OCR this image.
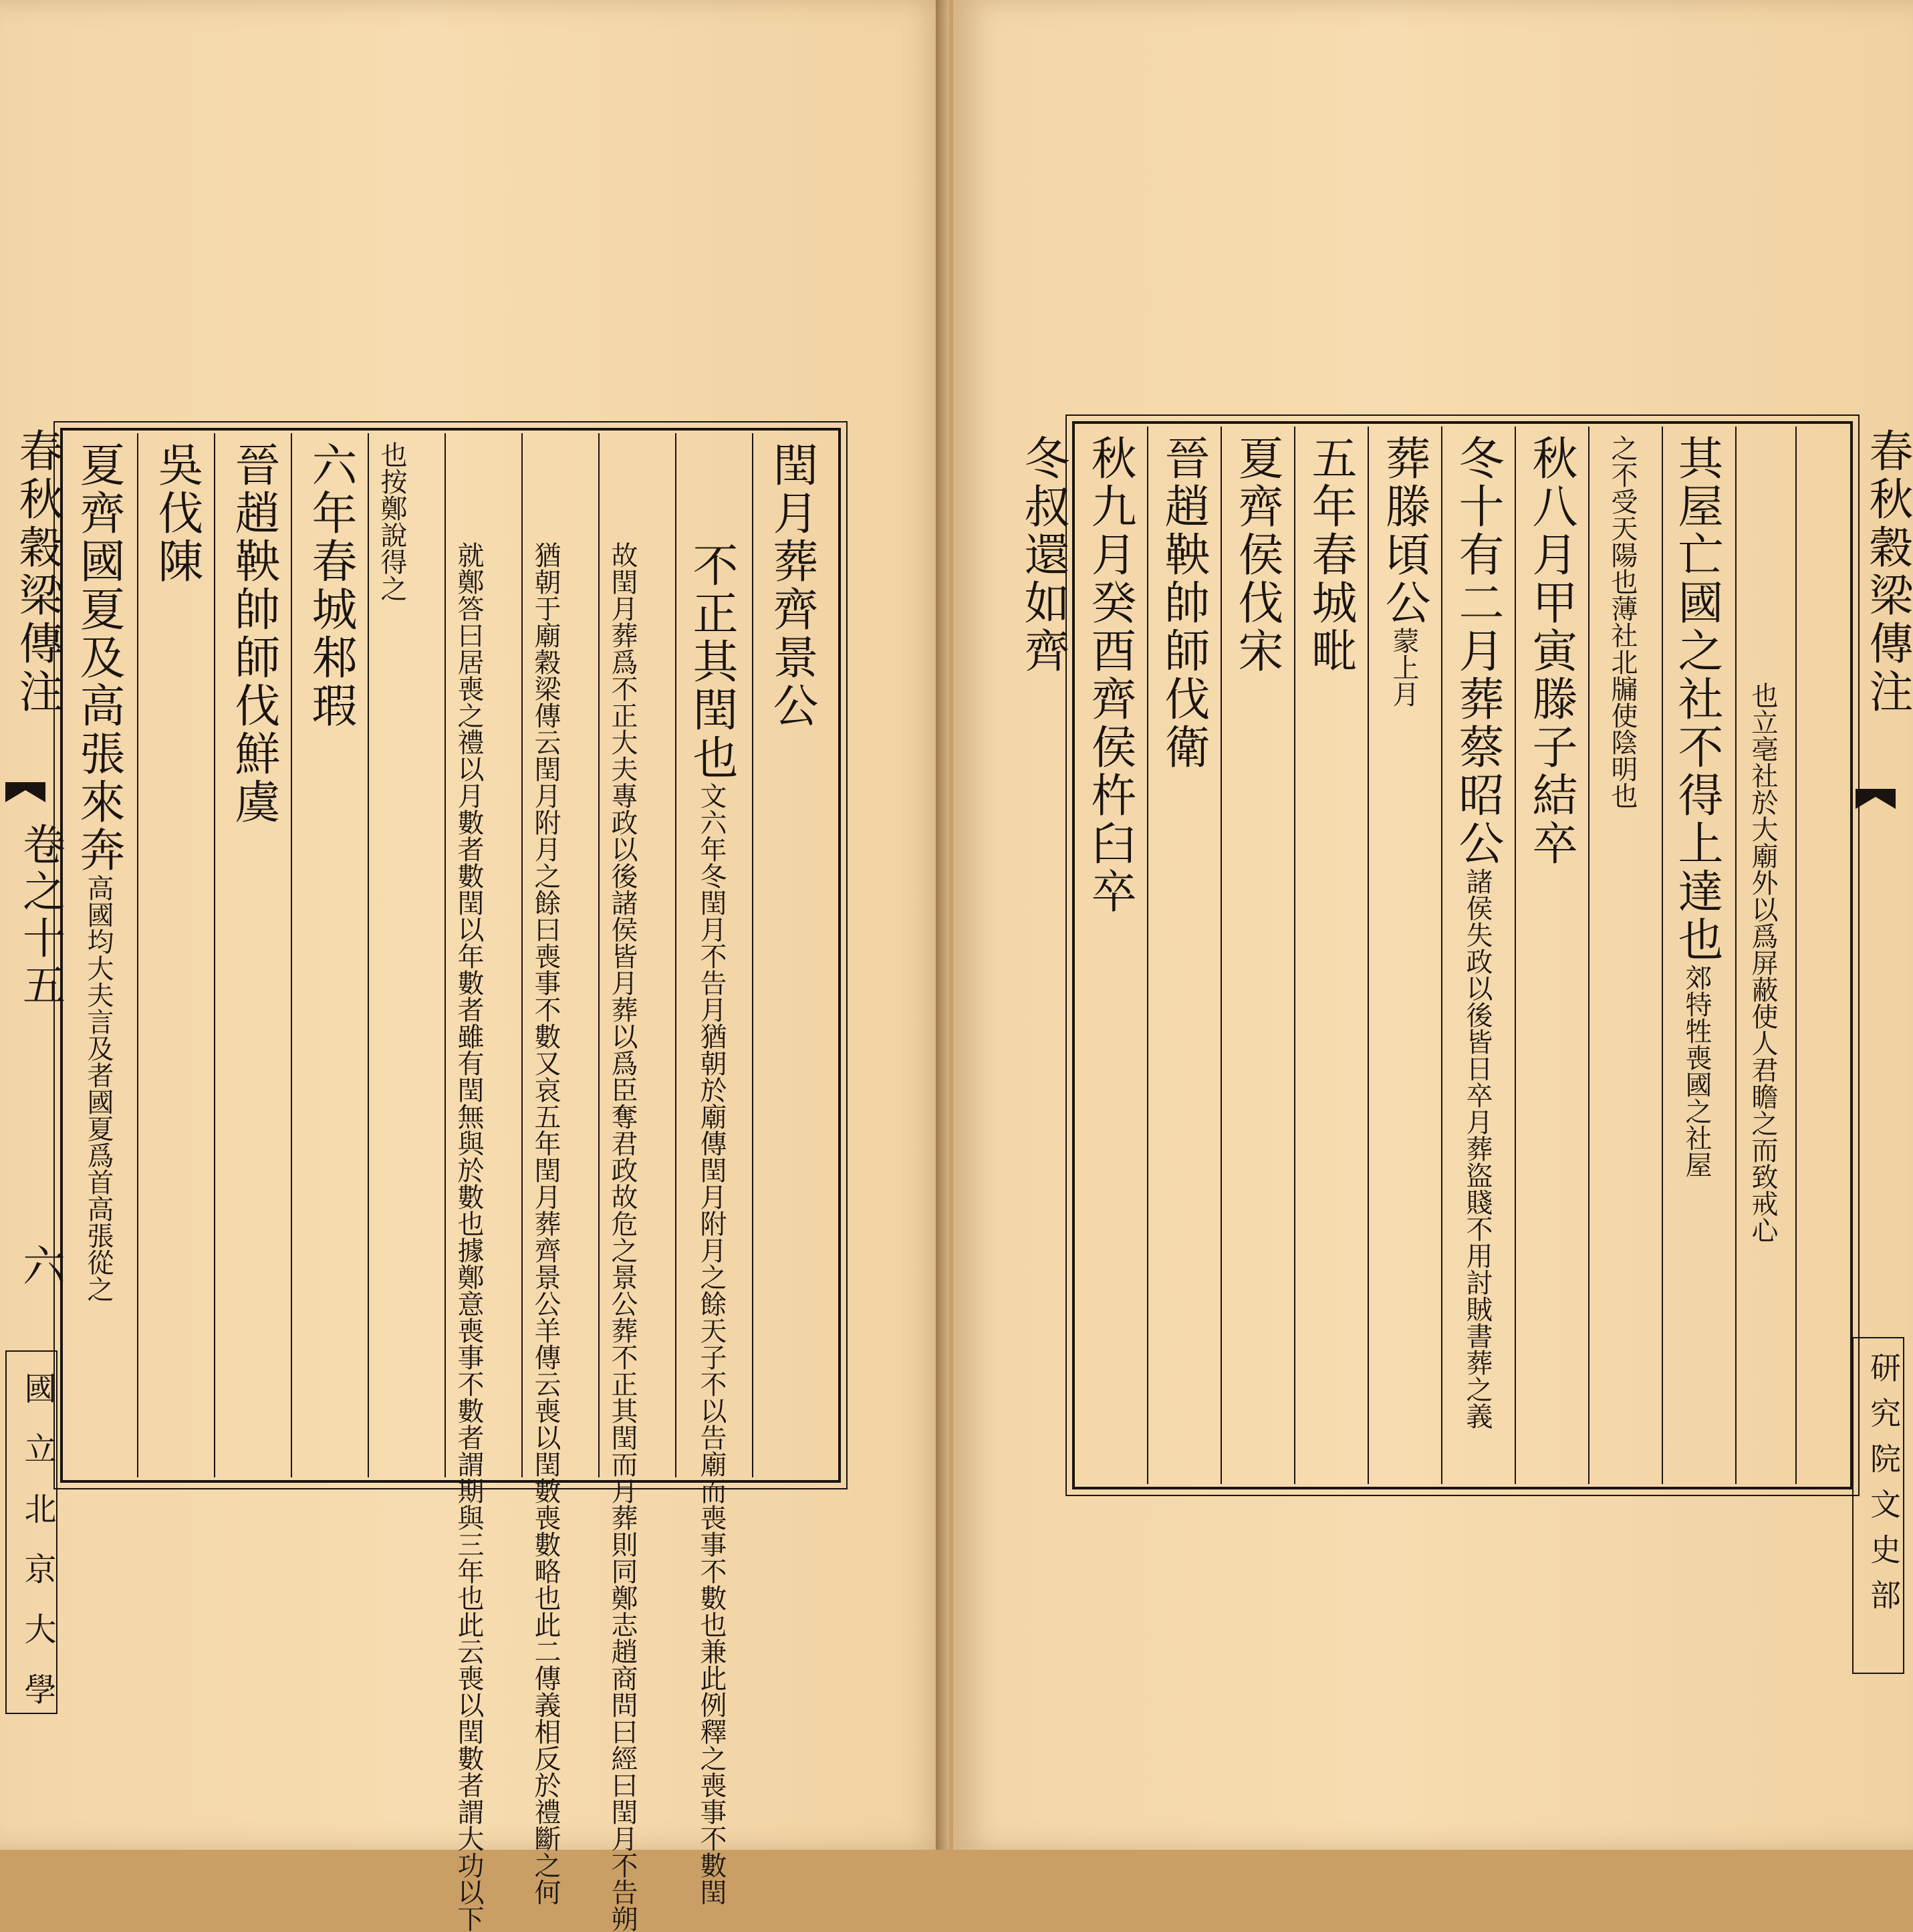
春秋穀梁傳注
卷之十五
六
國立北京大學
閏月葬齊景公
不正其閏也文六年冬閏月不告月猶朝於廟傳閏月附月之餘天子不以告廟而喪事不數也兼此例釋之喪事不數閏
故閏月葬爲不正大夫專政以後諸侯皆月葬以爲臣奪君政故危之景公葬不正其閏而月葬則同鄭志趙商問曰經曰閏月不告朔
猶朝于廟穀梁傳云閏月附月之餘曰喪事不數又哀五年閏月葬齊景公羊傳云喪以閏數喪數略也此二傳義相反於禮斷之何
就鄭答曰居喪之禮以月數者數閏以年數者雖有閏無與於數也據鄭意喪事不數者謂期與三年也此云喪以閏數者謂大功以下
也按鄭說得之
六年春城邾瑕
晉趙鞅帥師伐鮮虞
吳伐陳
夏齊國夏及高張來奔高國均大夫言及者國夏爲首高張從之
春秋穀梁傳注
研究院文史部
也立亳社於大廟外以爲屏蔽使人君瞻之而致戒心
其屋亡國之社不得上達也郊特牲喪國之社屋
之不受天陽也薄社北牖使陰明也
秋八月甲寅滕子結卒
冬十有二月葬蔡昭公諸侯失政以後皆日卒月葬盜賤不用討賊書葬之義
葬滕頃公蒙上月
五年春城毗
夏齊侯伐宋
晉趙鞅帥師伐衛
秋九月癸酉齊侯杵臼卒
冬叔還如齊
